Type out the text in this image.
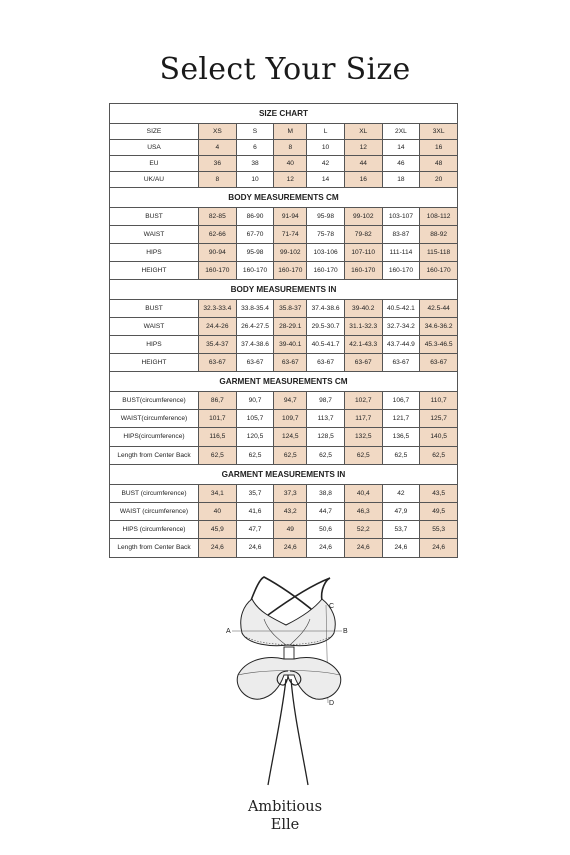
Select Your Size
SIZE CHART							
SIZE	XS	S	M	L	XL	2XL	3XL
USA	4	6	8	10	12	14	16
EU	36	38	40	42	44	46	48
UK/AU	8	10	12	14	16	18	20
BODY MEASUREMENTS CM							
BUST	82-85	86-90	91-94	95-98	99-102	103-107	108-112
WAIST	62-66	67-70	71-74	75-78	79-82	83-87	88-92
HIPS	90-94	95-98	99-102	103-106	107-110	111-114	115-118
HEIGHT	160-170	160-170	160-170	160-170	160-170	160-170	160-170
BODY MEASUREMENTS IN							
BUST	32.3-33.4	33.8-35.4	35.8-37	37.4-38.6	39-40.2	40.5-42.1	42.5-44
WAIST	24.4-26	26.4-27.5	28-29.1	29.5-30.7	31.1-32.3	32.7-34.2	34.6-36.2
HIPS	35.4-37	37.4-38.6	39-40.1	40.5-41.7	42.1-43.3	43.7-44.9	45.3-46.5
HEIGHT	63-67	63-67	63-67	63-67	63-67	63-67	63-67
GARMENT MEASUREMENTS CM							
BUST(circumference)	86,7	90,7	94,7	98,7	102,7	106,7	110,7
WAIST(circumference)	101,7	105,7	109,7	113,7	117,7	121,7	125,7
HIPS(circumference)	116,5	120,5	124,5	128,5	132,5	136,5	140,5
Length from Center Back	62,5	62,5	62,5	62,5	62,5	62,5	62,5
GARMENT MEASUREMENTS IN							
BUST (circumference)	34,1	35,7	37,3	38,8	40,4	42	43,5
WAIST (circumference)	40	41,6	43,2	44,7	46,3	47,9	49,5
HIPS (circumference)	45,9	47,7	49	50,6	52,2	53,7	55,3
Length from Center Back	24,6	24,6	24,6	24,6	24,6	24,6	24,6
A	B
C
D
Ambitious
Elle
